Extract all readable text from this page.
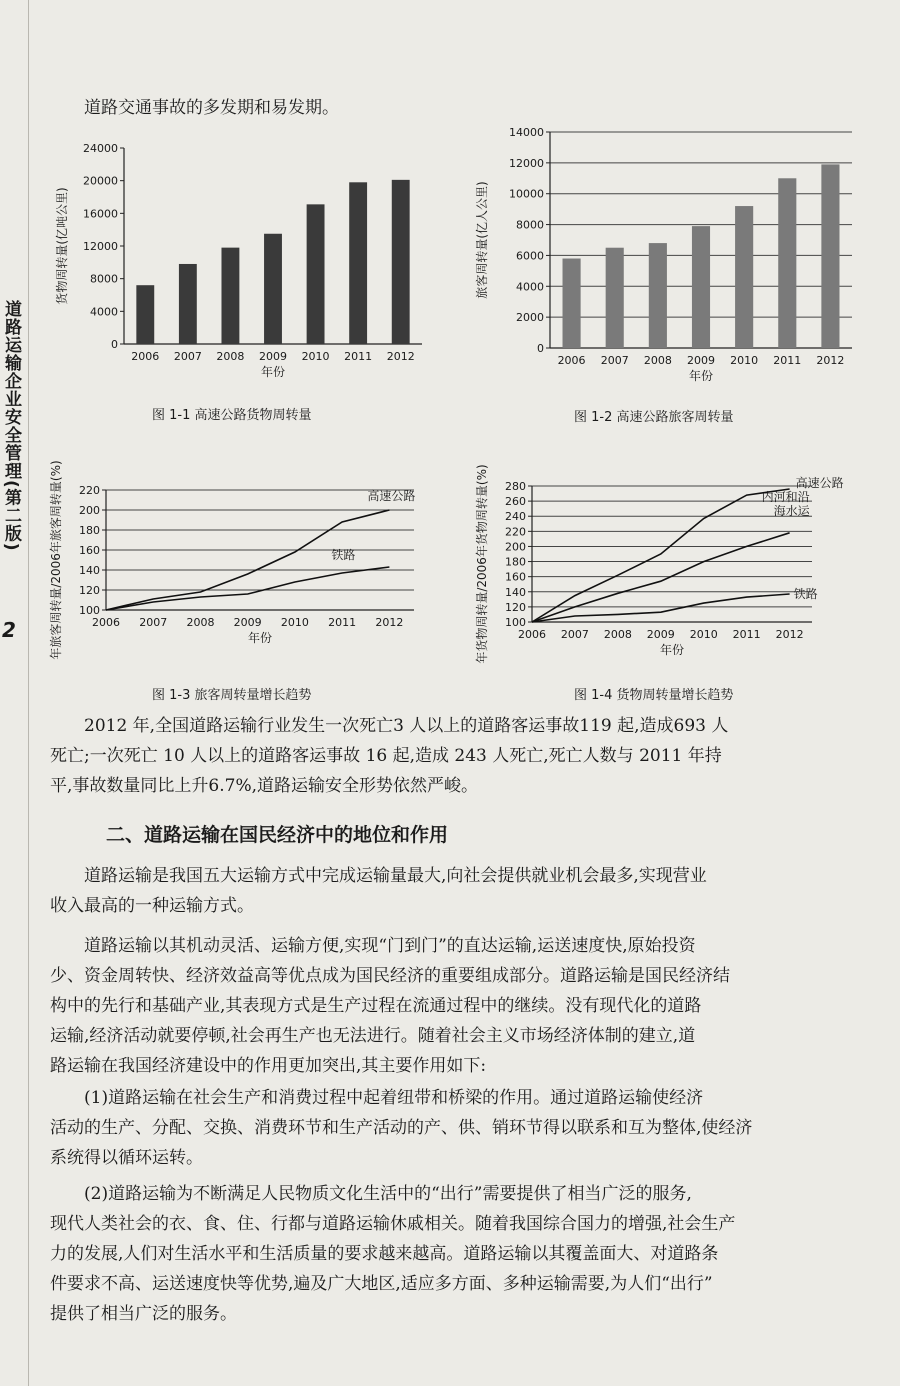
道路运输企业安全管理(第二版)
2
道路交通事故的多发期和易发期。
0
4000
8000
12000
16000
20000
24000
2006 2007 2008 2009 2010 2011 2012
年份
货物周转量(亿吨公里)
图 1-1 高速公路货物周转量
0
2000
4000
6000
8000
10000
12000
14000
2006 2007 2008 2009 2010 2011 2012
年份
旅客周转量(亿人公里)
图 1-2 高速公路旅客周转量
100
120
140
160
180
200
220
2006 2007 2008 2009 2010 2011 2012
高速公路
铁路
年份
年旅客周转量/2006年旅客周转量(%)
图 1-3 旅客周转量增长趋势
100
120
140
160
180
200
220
240
260
280
2006 2007 2008 2009 2010 2011 2012
高速公路
内河和沿海水运
铁路
年份
年货物周转量/2006年货物周转量(%)
图 1-4 货物周转量增长趋势
2012 年,全国道路运输行业发生一次死亡3 人以上的道路客运事故119 起,造成693 人
死亡;一次死亡 10 人以上的道路客运事故 16 起,造成 243 人死亡,死亡人数与 2011 年持
平,事故数量同比上升6.7%,道路运输安全形势依然严峻。
二、道路运输在国民经济中的地位和作用
道路运输是我国五大运输方式中完成运输量最大,向社会提供就业机会最多,实现营业
收入最高的一种运输方式。
道路运输以其机动灵活、运输方便,实现“门到门”的直达运输,运送速度快,原始投资
少、资金周转快、经济效益高等优点成为国民经济的重要组成部分。道路运输是国民经济结
构中的先行和基础产业,其表现方式是生产过程在流通过程中的继续。没有现代化的道路
运输,经济活动就要停顿,社会再生产也无法进行。随着社会主义市场经济体制的建立,道
路运输在我国经济建设中的作用更加突出,其主要作用如下:
(1)道路运输在社会生产和消费过程中起着纽带和桥梁的作用。通过道路运输使经济
活动的生产、分配、交换、消费环节和生产活动的产、供、销环节得以联系和互为整体,使经济
系统得以循环运转。
(2)道路运输为不断满足人民物质文化生活中的“出行”需要提供了相当广泛的服务,
现代人类社会的衣、食、住、行都与道路运输休戚相关。随着我国综合国力的增强,社会生产
力的发展,人们对生活水平和生活质量的要求越来越高。道路运输以其覆盖面大、对道路条
件要求不高、运送速度快等优势,遍及广大地区,适应多方面、多种运输需要,为人们“出行”
提供了相当广泛的服务。
